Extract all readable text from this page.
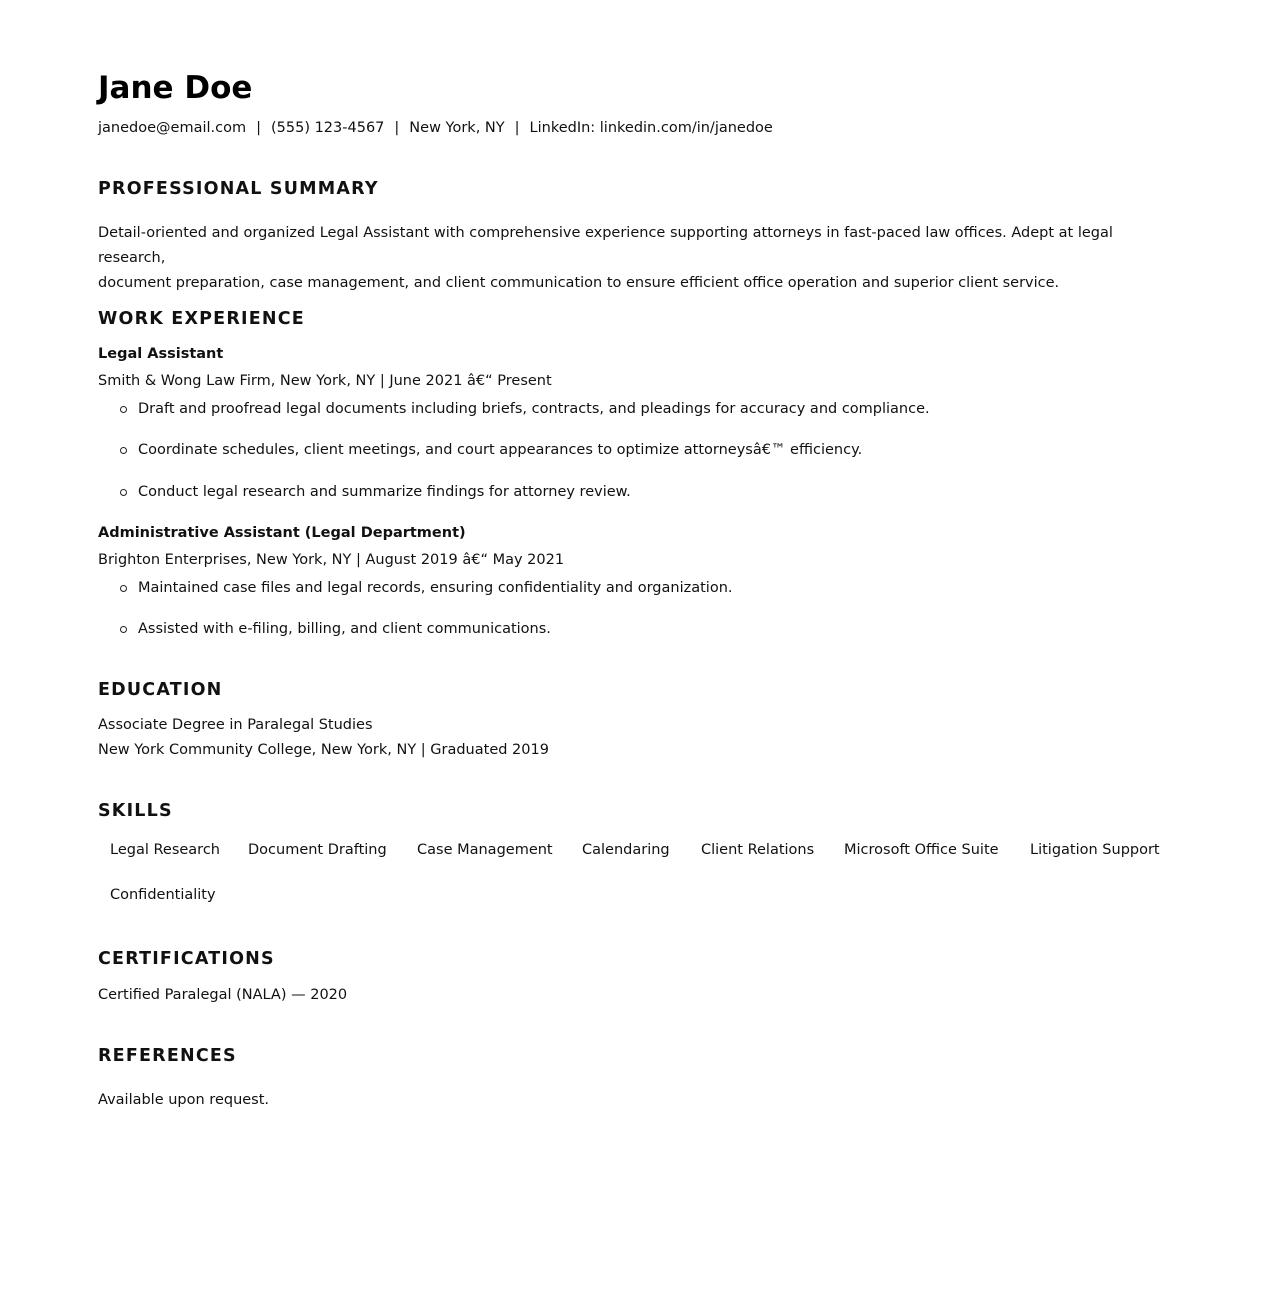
Jane Doe
janedoe@email.com | (555) 123-4567 | New York, NY | LinkedIn: linkedin.com/in/janedoe
PROFESSIONAL SUMMARY
Detail-oriented and organized Legal Assistant with comprehensive experience supporting attorneys in fast-paced law offices. Adept at legal research,
document preparation, case management, and client communication to ensure efficient office operation and superior client service.
WORK EXPERIENCE
Legal Assistant
Smith & Wong Law Firm, New York, NY | June 2021 â€“ Present
Draft and proofread legal documents including briefs, contracts, and pleadings for accuracy and compliance.
Coordinate schedules, client meetings, and court appearances to optimize attorneysâ€™ efficiency.
Conduct legal research and summarize findings for attorney review.
Administrative Assistant (Legal Department)
Brighton Enterprises, New York, NY | August 2019 â€“ May 2021
Maintained case files and legal records, ensuring confidentiality and organization.
Assisted with e-filing, billing, and client communications.
EDUCATION
Associate Degree in Paralegal Studies
New York Community College, New York, NY | Graduated 2019
SKILLS
Legal Research Document Drafting Case Management Calendaring Client Relations Microsoft Office Suite Litigation Support
Confidentiality
CERTIFICATIONS
Certified Paralegal (NALA) — 2020
REFERENCES
Available upon request.
